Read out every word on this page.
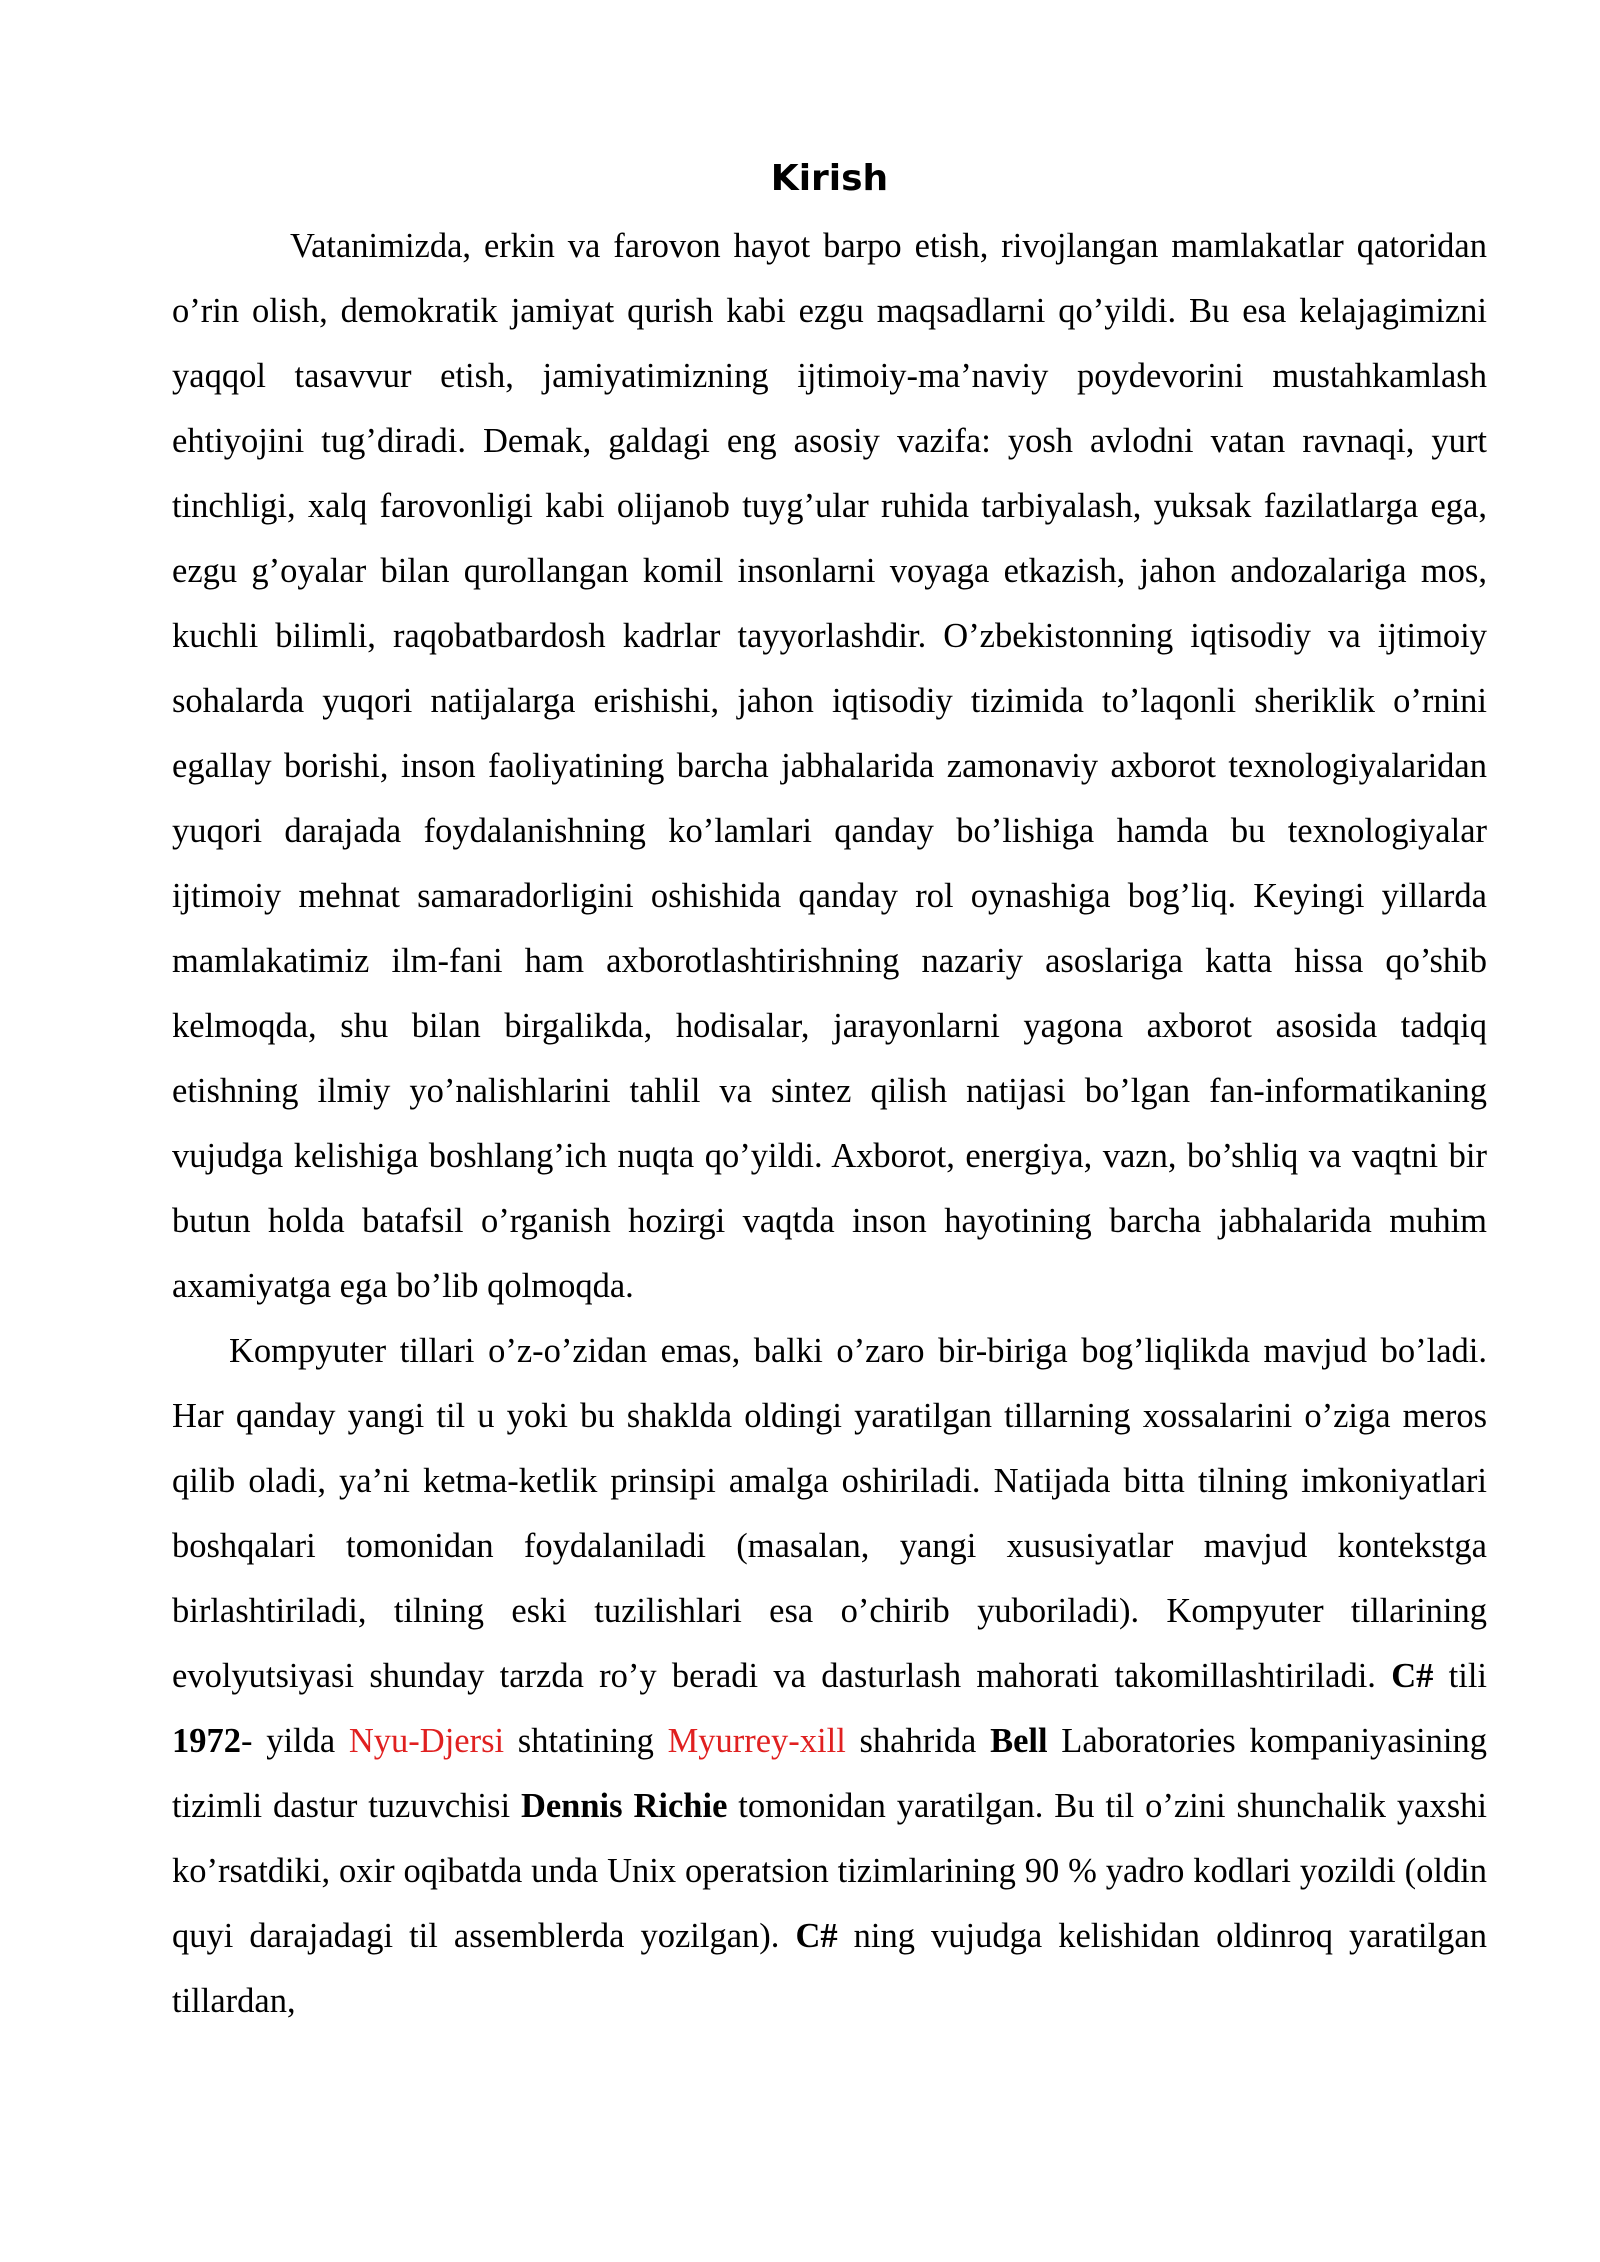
Kirish

Vatanimizda, erkin va farovon hayot barpo etish, rivojlangan mamlakatlar qatoridan o’rin olish, demokratik jamiyat qurish kabi ezgu maqsadlarni qo’yildi. Bu esa kelajagimizni yaqqol tasavvur etish, jamiyatimizning ijtimoiy-ma’naviy poydevorini mustahkamlash ehtiyojini tug’diradi. Demak, galdagi eng asosiy vazifa: yosh avlodni vatan ravnaqi, yurt tinchligi, xalq farovonligi kabi olijanob tuyg’ular ruhida tarbiyalash, yuksak fazilatlarga ega, ezgu g’oyalar bilan qurollangan komil insonlarni voyaga etkazish, jahon andozalariga mos, kuchli bilimli, raqobatbardosh kadrlar tayyorlashdir. O’zbekistonning iqtisodiy va ijtimoiy sohalarda yuqori natijalarga erishishi, jahon iqtisodiy tizimida to’laqonli sheriklik o’rnini egallay borishi, inson faoliyatining barcha jabhalarida zamonaviy axborot texnologiyalaridan yuqori darajada foydalanishning ko’lamlari qanday bo’lishiga hamda bu texnologiyalar ijtimoiy mehnat samaradorligini oshishida qanday rol oynashiga bog’liq. Keyingi yillarda mamlakatimiz ilm-fani ham axborotlashtirishning nazariy asoslariga katta hissa qo’shib kelmoqda, shu bilan birgalikda, hodisalar, jarayonlarni yagona axborot asosida tadqiq etishning ilmiy yo’nalishlarini tahlil va sintez qilish natijasi bo’lgan fan-informatikaning vujudga kelishiga boshlang’ich nuqta qo’yildi. Axborot, energiya, vazn, bo’shliq va vaqtni bir butun holda batafsil o’rganish hozirgi vaqtda inson hayotining barcha jabhalarida muhim axamiyatga ega bo’lib qolmoqda.

Kompyuter tillari o’z-o’zidan emas, balki o’zaro bir-biriga bog’liqlikda mavjud bo’ladi. Har qanday yangi til u yoki bu shaklda oldingi yaratilgan tillarning xossalarini o’ziga meros qilib oladi, ya’ni ketma-ketlik prinsipi amalga oshiriladi. Natijada bitta tilning imkoniyatlari boshqalari tomonidan foydalaniladi (masalan, yangi xususiyatlar mavjud kontekstga birlashtiriladi, tilning eski tuzilishlari esa o’chirib yuboriladi). Kompyuter tillarining evolyutsiyasi shunday tarzda ro’y beradi va dasturlash mahorati takomillashtiriladi. C# tili 1972- yilda Nyu-Djersi shtatining Myurrey-xill shahrida Bell Laboratories kompaniyasining tizimli dastur tuzuvchisi Dennis Richie tomonidan yaratilgan. Bu til o’zini shunchalik yaxshi ko’rsatdiki, oxir oqibatda unda Unix operatsion tizimlarining 90 % yadro kodlari yozildi (oldin quyi darajadagi til assemblerda yozilgan). C# ning vujudga kelishidan oldinroq yaratilgan tillardan,
